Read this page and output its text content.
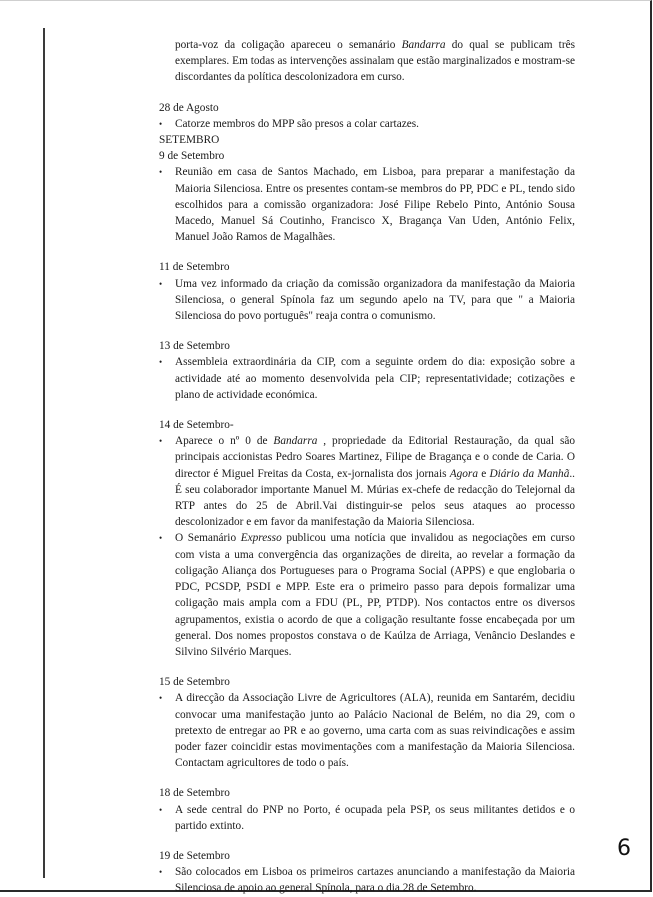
porta-voz da coligação apareceu o semanário Bandarra do qual se publicam três exemplares. Em todas as intervenções assinalam que estão marginalizados e mostram-se discordantes da política descolonizadora em curso.

28 de Agosto

• Catorze membros do MPP são presos a colar cartazes.

SETEMBRO

9 de Setembro

• Reunião em casa de Santos Machado, em Lisboa, para preparar a manifestação da Maioria Silenciosa. Entre os presentes contam-se membros do PP, PDC e PL, tendo sido escolhidos para a comissão organizadora: José Filipe Rebelo Pinto, António Sousa Macedo, Manuel Sá Coutinho, Francisco X, Bragança Van Uden, António Felix, Manuel João Ramos de Magalhães.

11 de Setembro

• Uma vez informado da criação da comissão organizadora da manifestação da Maioria Silenciosa, o general Spínola faz um segundo apelo na TV, para que " a Maioria Silenciosa do povo português" reaja contra o comunismo.

13 de Setembro

• Assembleia extraordinária da CIP, com a seguinte ordem do dia: exposição sobre a actividade até ao momento desenvolvida pela CIP; representatividade; cotizações e plano de actividade económica.

14 de Setembro-

• Aparece o nº 0 de Bandarra , propriedade da Editorial Restauração, da qual são principais accionistas Pedro Soares Martinez, Filipe de Bragança e o conde de Caria. O director é Miguel Freitas da Costa, ex-jornalista dos jornais Agora e Diário da Manhã.. É seu colaborador importante Manuel M. Múrias ex-chefe de redacção do Telejornal da RTP antes do 25 de Abril.Vai distinguir-se pelos seus ataques ao processo descolonizador e em favor da manifestação da Maioria Silenciosa.
• O Semanário Expresso publicou uma notícia que invalidou as negociações em curso com vista a uma convergência das organizações de direita, ao revelar a formação da coligação Aliança dos Portugueses para o Programa Social (APPS) e que englobaria o PDC, PCSDP, PSDI e MPP. Este era o primeiro passo para depois formalizar uma coligação mais ampla com a FDU (PL, PP, PTDP). Nos contactos entre os diversos agrupamentos, existia o acordo de que a coligação resultante fosse encabeçada por um general. Dos nomes propostos constava o de Kaúlza de Arriaga, Venâncio Deslandes e Silvino Silvério Marques.

15 de Setembro

• A direcção da Associação Livre de Agricultores (ALA), reunida em Santarém, decidiu convocar uma manifestação junto ao Palácio Nacional de Belém, no dia 29, com o pretexto de entregar ao PR e ao governo, uma carta com as suas reivindicações e assim poder fazer coincidir estas movimentações com a manifestação da Maioria Silenciosa. Contactam agricultores de todo o país.

18 de Setembro

• A sede central do PNP no Porto, é ocupada pela PSP, os seus militantes detidos e o partido extinto.

19 de Setembro

• São colocados em Lisboa os primeiros cartazes anunciando a manifestação da Maioria Silenciosa de apoio ao general Spínola, para o dia 28 de Setembro.
6
